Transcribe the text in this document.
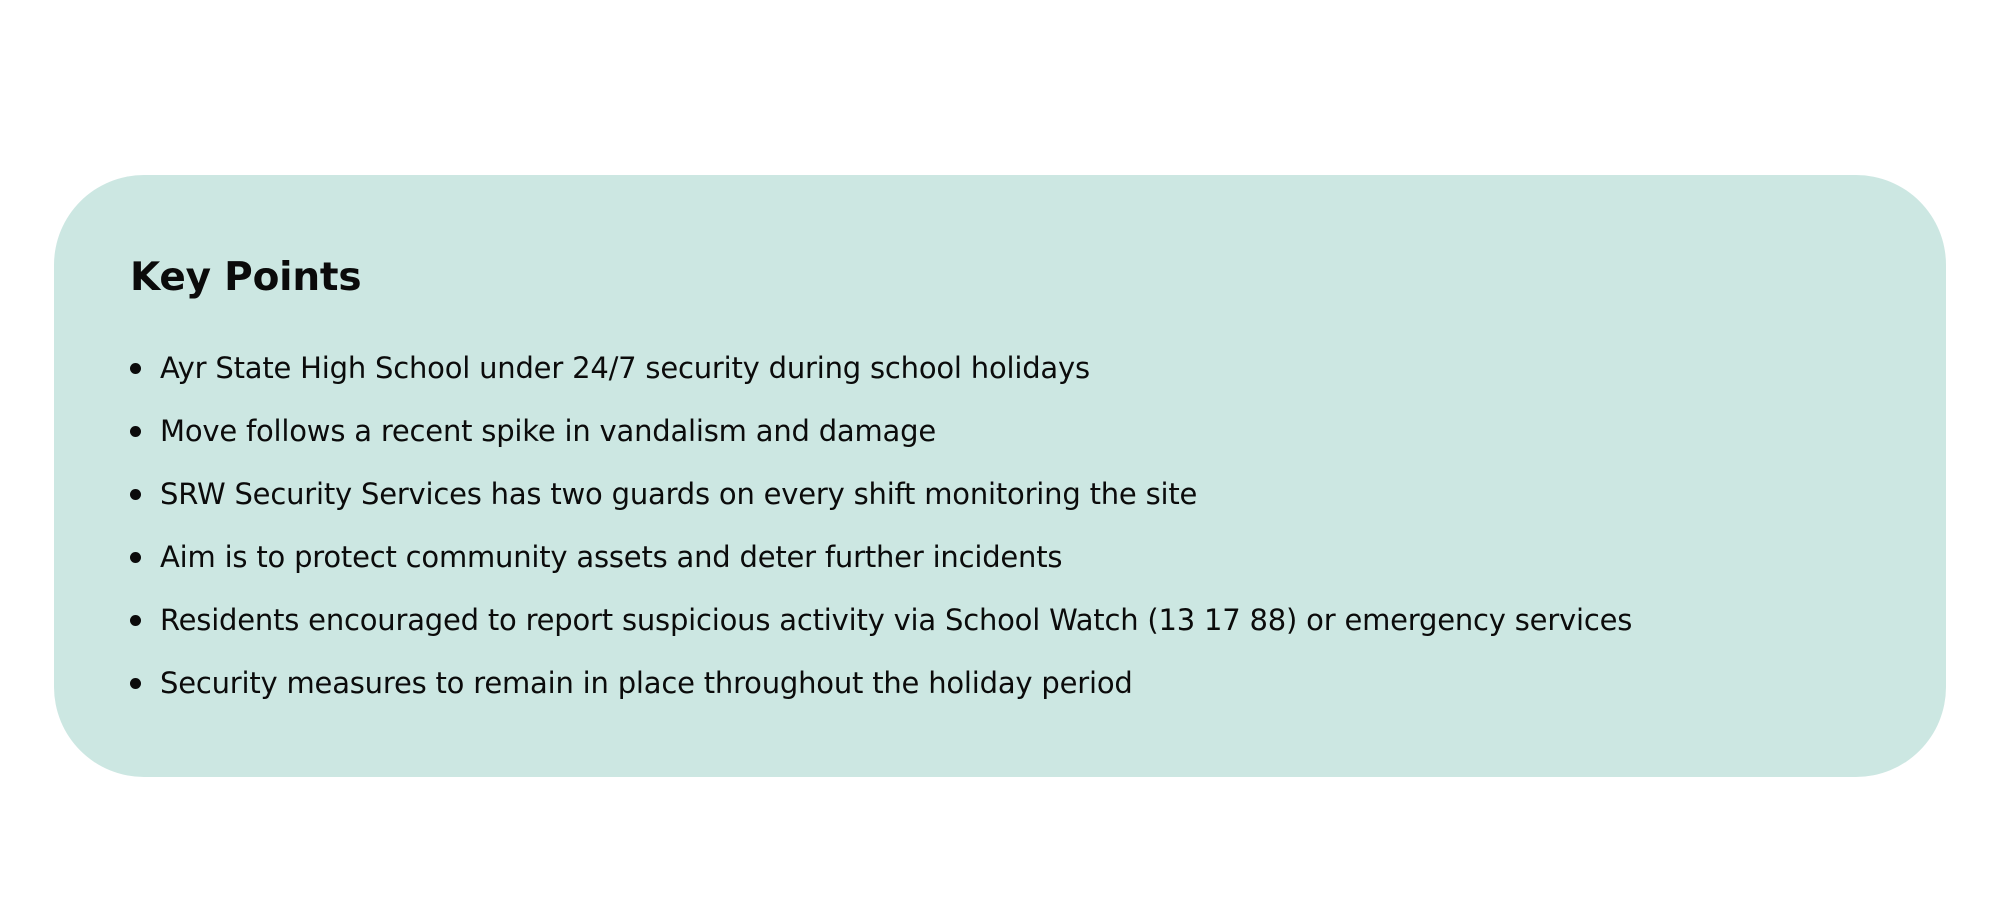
Key Points
Ayr State High School under 24/7 security during school holidays
Move follows a recent spike in vandalism and damage
SRW Security Services has two guards on every shift monitoring the site
Aim is to protect community assets and deter further incidents
Residents encouraged to report suspicious activity via School Watch (13 17 88) or emergency services
Security measures to remain in place throughout the holiday period
